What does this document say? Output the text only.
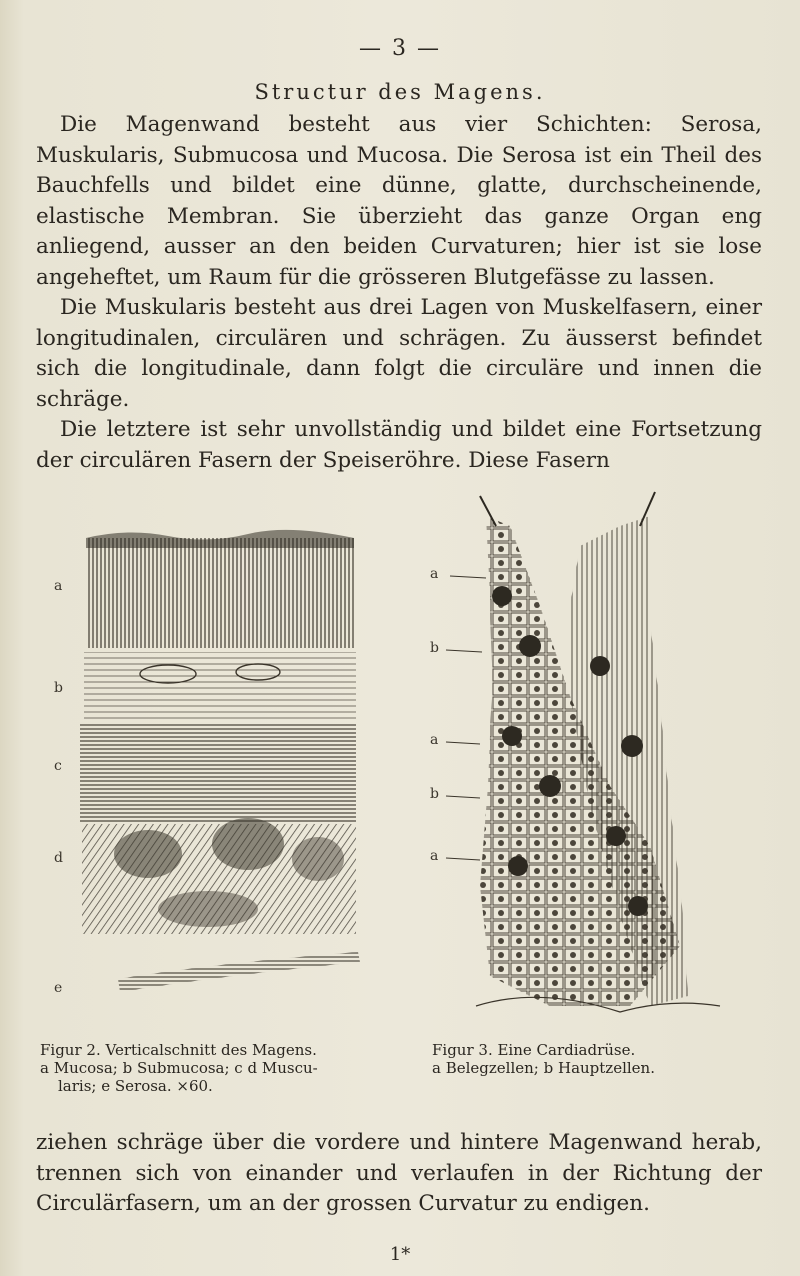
— 3 —
Structur des Magens.

Die Magenwand besteht aus vier Schichten: Serosa, Muskularis, Submucosa und Mucosa. Die Serosa ist ein Theil des Bauchfells und bildet eine dünne, glatte, durchscheinende, elastische Membran. Sie überzieht das ganze Organ eng anliegend, ausser an den beiden Curvaturen; hier ist sie lose angeheftet, um Raum für die grösseren Blutgefässe zu lassen.

Die Muskularis besteht aus drei Lagen von Muskelfasern, einer longitudinalen, circulären und schrägen. Zu äusserst befindet sich die longitudinale, dann folgt die circuläre und innen die schräge.

Die letztere ist sehr unvollständig und bildet eine Fortsetzung der circulären Fasern der Speiseröhre. Diese Fasern

a
b
c
d
e
a
b
a
b
a
Figur 2. Verticalschnitt des Magens.
a Mucosa; b Submucosa; c d Muscu-
laris; e Serosa. ×60.
Figur 3. Eine Cardiadrüse.
a Belegzellen; b Hauptzellen.

ziehen schräge über die vordere und hintere Magenwand herab, trennen sich von einander und verlaufen in der Richtung der Circulärfasern, um an der grossen Curvatur zu endigen.

1*
